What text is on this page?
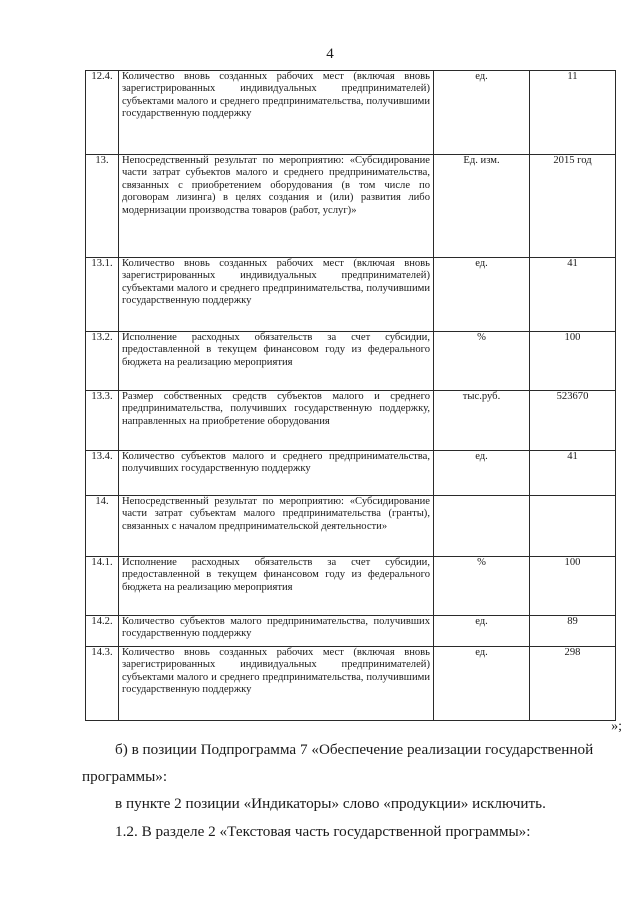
4
12.4.	Количество вновь созданных рабочих мест (включая вновь зарегистрированных индивидуальных предпринимателей) субъектами малого и среднего предпринимательства, получившими государственную поддержку	ед.	11
13.	Непосредственный результат по мероприятию: «Субсидирование части затрат субъектов малого и среднего предпринимательства, связанных с приобретением оборудования (в том числе по договорам лизинга) в целях создания и (или) развития либо модернизации производства товаров (работ, услуг)»	Ед. изм.	2015 год
13.1.	Количество вновь созданных рабочих мест (включая вновь зарегистрированных индивидуальных предпринимателей) субъектами малого и среднего предпринимательства, получившими государственную поддержку	ед.	41
13.2.	Исполнение расходных обязательств за счет субсидии, предоставленной в текущем финансовом году из федерального бюджета на реализацию мероприятия	%	100
13.3.	Размер собственных средств субъектов малого и среднего предпринимательства, получивших государственную поддержку, направленных на приобретение оборудования	тыс.руб.	523670
13.4.	Количество субъектов малого и среднего предпринимательства, получивших государственную поддержку	ед.	41
14.	Непосредственный результат по мероприятию: «Субсидирование части затрат субъектам малого предпринимательства (гранты), связанных с началом предпринимательской деятельности»		
14.1.	Исполнение расходных обязательств за счет субсидии, предоставленной в текущем финансовом году из федерального бюджета на реализацию мероприятия	%	100
14.2.	Количество субъектов малого предпринимательства, получивших государственную поддержку	ед.	89
14.3.	Количество вновь созданных рабочих мест (включая вновь зарегистрированных индивидуальных предпринимателей) субъектами малого и среднего предпринимательства, получившими государственную поддержку	ед.	298
»;
б) в позиции Подпрограмма 7 «Обеспечение реализации государственной
программы»:
в пункте 2 позиции «Индикаторы» слово «продукции» исключить.
1.2. В разделе 2 «Текстовая часть государственной программы»:
